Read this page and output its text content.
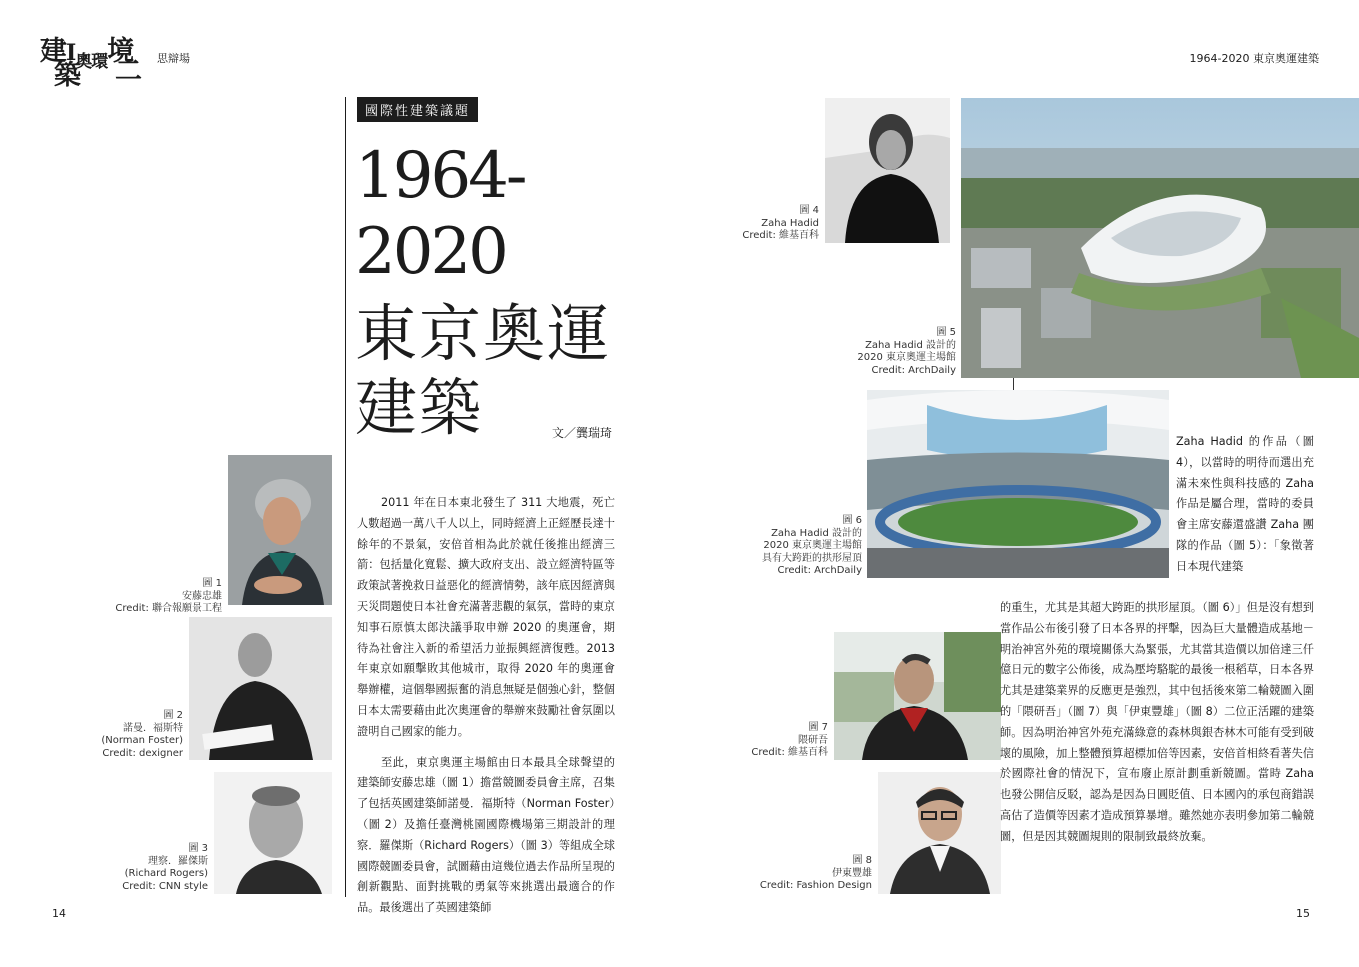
建$I^{奧環}$境
築 二 思辯場	1964-2020 東京奧運建築
國際性建築議題
1964-
2020
東京奧運
建築	文／龔瑞琦

2011 年在日本東北發生了 311 大地震，死亡人數超過一萬八千人以上，同時經濟上正經歷長達十餘年的不景氣，安倍首相為此於就任後推出經濟三箭：包括量化寬鬆、擴大政府支出、設立經濟特區等政策試著挽救日益惡化的經濟情勢，該年底因經濟與天災問題使日本社會充滿著悲觀的氣氛，當時的東京知事石原慎太郎決議爭取申辦 2020 的奧運會，期待為社會注入新的希望活力並振興經濟復甦。2013 年東京如願擊敗其他城市，取得 2020 年的奧運會舉辦權，這個舉國振奮的消息無疑是個強心針，整個日本太需要藉由此次奧運會的舉辦來鼓勵社會氛圍以證明自己國家的能力。

至此，東京奧運主場館由日本最具全球聲望的建築師安藤忠雄（圖 1）擔當競圖委員會主席，召集了包括英國建築師諾曼．福斯特（Norman Foster）（圖 2）及擔任臺灣桃園國際機場第三期設計的理察．羅傑斯（Richard Rogers）（圖 3）等組成全球國際競圖委員會，試圖藉由這幾位過去作品所呈現的創新觀點、面對挑戰的勇氣等來挑選出最適合的作品。最後選出了英國建築師

圖 1
安藤忠雄
Credit: 聯合報願景工程
圖 2
諾曼．福斯特
(Norman Foster)
Credit: dexigner
圖 3
理察．羅傑斯
(Richard Rogers)
Credit: CNN style
14
圖 4
Zaha Hadid
Credit: 維基百科
圖 5
Zaha Hadid 設計的
2020 東京奧運主場館
Credit: ArchDaily
圖 6
Zaha Hadid 設計的
2020 東京奧運主場館
具有大跨距的拱形屋頂
Credit: ArchDaily
圖 7
隈研吾
Credit: 維基百科
圖 8
伊東豐雄
Credit: Fashion Design
Zaha Hadid 的作品（圖 4），以當時的明待而選出充滿未來性與科技感的 Zaha 作品是屬合理，當時的委員會主席安藤還盛讚 Zaha 團隊的作品（圖 5）：「象徵著日本現代建築
的重生，尤其是其超大跨距的拱形屋頂。（圖 6）」但是沒有想到當作品公布後引發了日本各界的抨擊，因為巨大量體造成基地－明治神宮外苑的環境關係大為緊張，尤其當其造價以加倍達三仟億日元的數字公佈後，成為壓垮駱駝的最後一根稻草，日本各界尤其是建築業界的反應更是強烈，其中包括後來第二輪競圖入圍的「隈研吾」（圖 7）與「伊東豐雄」（圖 8）二位正活躍的建築師。因為明治神宮外苑充滿綠意的森林與銀杏林木可能有受到破壞的風險，加上整體預算超標加倍等因素，安倍首相終看著失信於國際社會的情況下，宣布廢止原計劃重新競圖。當時 Zaha 也發公開信反駁，認為是因為日圓貶值、日本國內的承包商錯誤高估了造價等因素才造成預算暴增。雖然她亦表明參加第二輪競圖，但是因其競圖規則的限制致最終放棄。
15
